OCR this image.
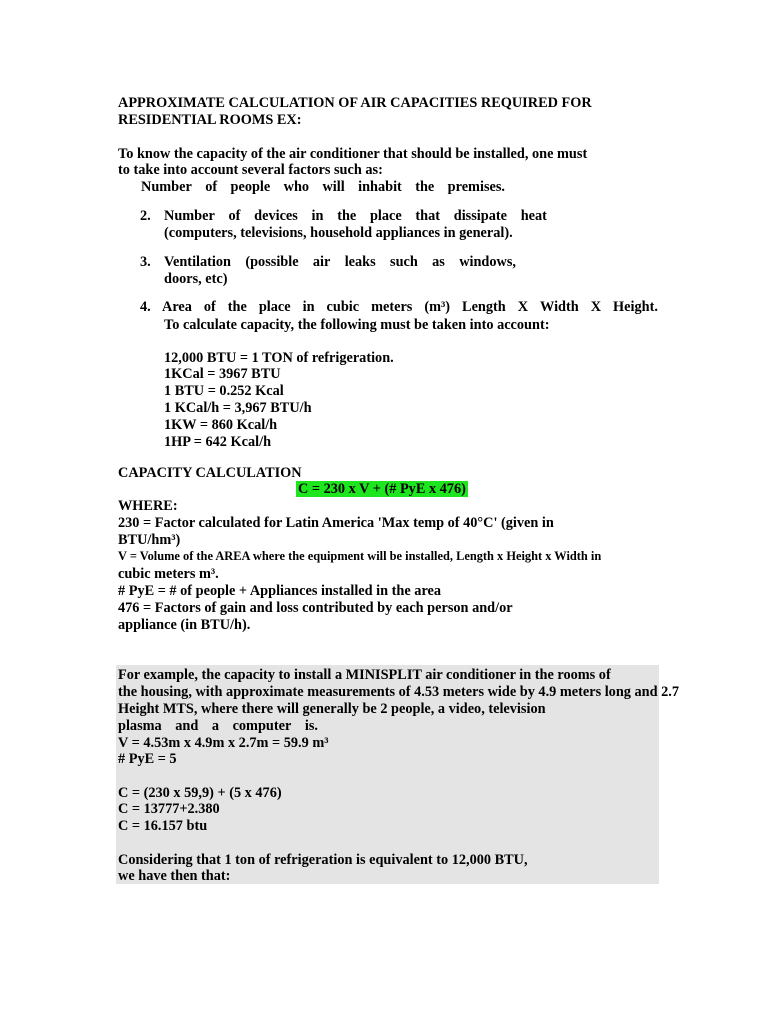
APPROXIMATE CALCULATION OF AIR CAPACITIES REQUIRED FOR
RESIDENTIAL ROOMS EX:
To know the capacity of the air conditioner that should be installed, one must
to take into account several factors such as:
Number of people who will inhabit the premises.
2. Number of devices in the place that dissipate heat
(computers, televisions, household appliances in general).
3. Ventilation (possible air leaks such as windows,
doors, etc)
4. Area of the place in cubic meters (m³) Length X Width X Height.
To calculate capacity, the following must be taken into account:
12,000 BTU = 1 TON of refrigeration.
1KCal = 3967 BTU
1 BTU = 0.252 Kcal
1 KCal/h = 3,967 BTU/h
1KW = 860 Kcal/h
1HP = 642 Kcal/h
CAPACITY CALCULATION
C = 230 x V + (# PyE x 476)
WHERE:
230 = Factor calculated for Latin America 'Max temp of 40°C' (given in
BTU/hm³)
V = Volume of the AREA where the equipment will be installed, Length x Height x Width in
cubic meters m³.
# PyE = # of people + Appliances installed in the area
476 = Factors of gain and loss contributed by each person and/or
appliance (in BTU/h).
For example, the capacity to install a MINISPLIT air conditioner in the rooms of
the housing, with approximate measurements of 4.53 meters wide by 4.9 meters long and 2.7
Height MTS, where there will generally be 2 people, a video, television
plasma and a computer is.
V = 4.53m x 4.9m x 2.7m = 59.9 m³
# PyE = 5
C = (230 x 59,9) + (5 x 476)
C = 13777+2.380
C = 16.157 btu
Considering that 1 ton of refrigeration is equivalent to 12,000 BTU,
we have then that:
